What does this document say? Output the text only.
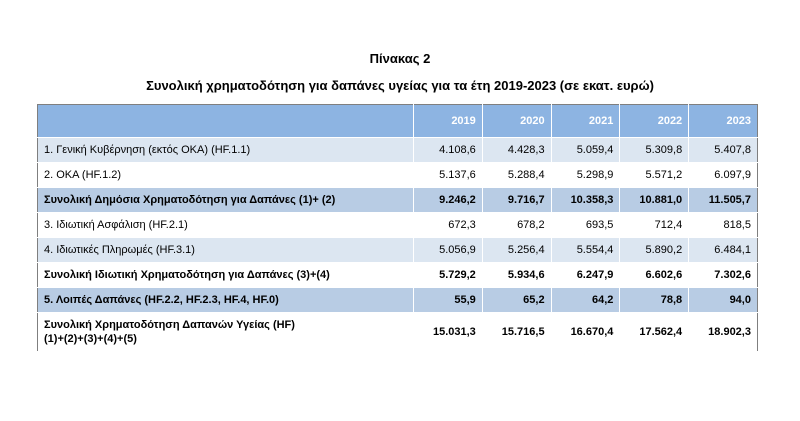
Πίνακας 2
Συνολική χρηματοδότηση για δαπάνες υγείας για τα έτη 2019-2023 (σε εκατ. ευρώ)
	2019	2020	2021	2022	2023
1. Γενική Κυβέρνηση (εκτός ΟΚΑ) (HF.1.1)	4.108,6	4.428,3	5.059,4	5.309,8	5.407,8
2. ΟΚΑ (HF.1.2)	5.137,6	5.288,4	5.298,9	5.571,2	6.097,9
Συνολική Δημόσια Χρηματοδότηση για Δαπάνες (1)+ (2)	9.246,2	9.716,7	10.358,3	10.881,0	11.505,7
3. Ιδιωτική Ασφάλιση (HF.2.1)	672,3	678,2	693,5	712,4	818,5
4. Ιδιωτικές Πληρωμές (HF.3.1)	5.056,9	5.256,4	5.554,4	5.890,2	6.484,1
Συνολική Ιδιωτική Χρηματοδότηση για Δαπάνες (3)+(4)	5.729,2	5.934,6	6.247,9	6.602,6	7.302,6
5. Λοιπές Δαπάνες (HF.2.2, HF.2.3, HF.4, HF.0)	55,9	65,2	64,2	78,8	94,0
Συνολική Χρηματοδότηση Δαπανών Υγείας (HF)
(1)+(2)+(3)+(4)+(5)	15.031,3	15.716,5	16.670,4	17.562,4	18.902,3
